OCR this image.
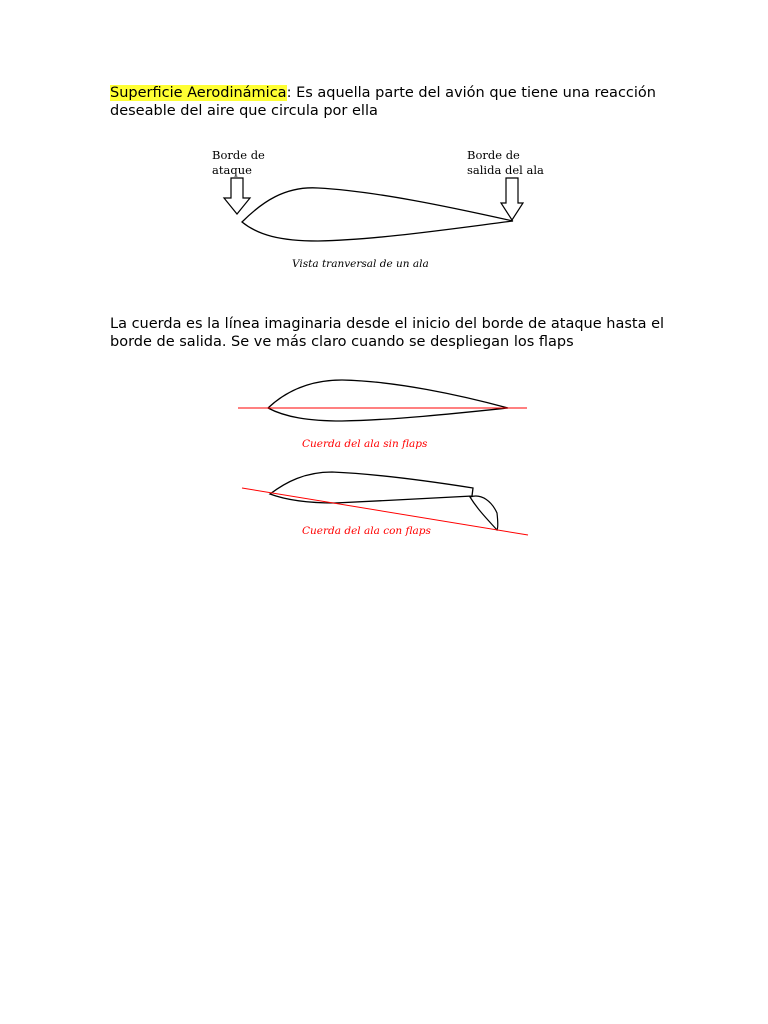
Superficie Aerodinámica: Es aquella parte del avión que tiene una reacción deseable del aire que circula por ella

Borde de
ataque
Borde de
salida del ala
Vista tranversal de un ala

La cuerda es la línea imaginaria desde el inicio del borde de ataque hasta el borde de salida. Se ve más claro cuando se despliegan los flaps

Cuerda del ala sin flaps
Cuerda del ala con flaps
